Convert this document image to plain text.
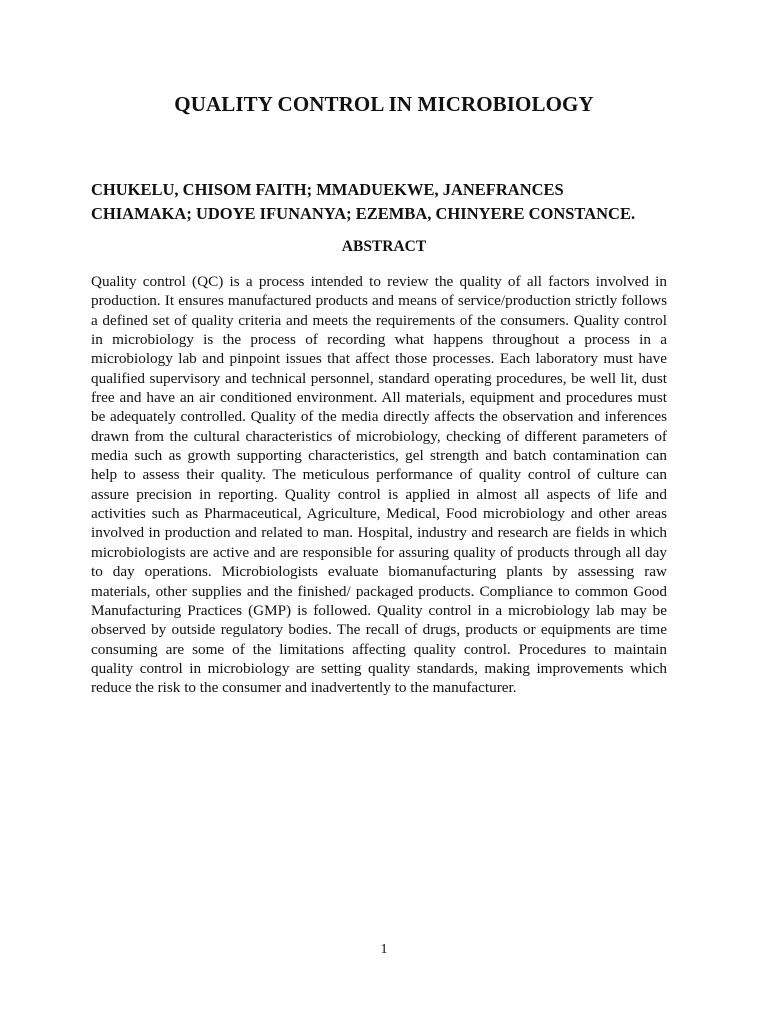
QUALITY CONTROL IN MICROBIOLOGY
CHUKELU, CHISOM FAITH; MMADUEKWE, JANEFRANCES
CHIAMAKA; UDOYE IFUNANYA; EZEMBA, CHINYERE CONSTANCE.
ABSTRACT

Quality control (QC) is a process intended to review the quality of all factors involved in production. It ensures manufactured products and means of service/production strictly follows a defined set of quality criteria and meets the requirements of the consumers. Quality control in microbiology is the process of recording what happens throughout a process in a microbiology lab and pinpoint issues that affect those processes. Each laboratory must have qualified supervisory and technical personnel, standard operating procedures, be well lit, dust free and have an air conditioned environment. All materials, equipment and procedures must be adequately controlled. Quality of the media directly affects the observation and inferences drawn from the cultural characteristics of microbiology, checking of different parameters of media such as growth supporting characteristics, gel strength and batch contamination can help to assess their quality. The meticulous performance of quality control of culture can assure precision in reporting. Quality control is applied in almost all aspects of life and activities such as Pharmaceutical, Agriculture, Medical, Food microbiology and other areas involved in production and related to man. Hospital, industry and research are fields in which microbiologists are active and are responsible for assuring quality of products through all day to day operations. Microbiologists evaluate biomanufacturing plants by assessing raw materials, other supplies and the finished/ packaged products. Compliance to common Good Manufacturing Practices (GMP) is followed. Quality control in a microbiology lab may be observed by outside regulatory bodies. The recall of drugs, products or equipments are time consuming are some of the limitations affecting quality control. Procedures to maintain quality control in microbiology are setting quality standards, making improvements which reduce the risk to the consumer and inadvertently to the manufacturer.

1
